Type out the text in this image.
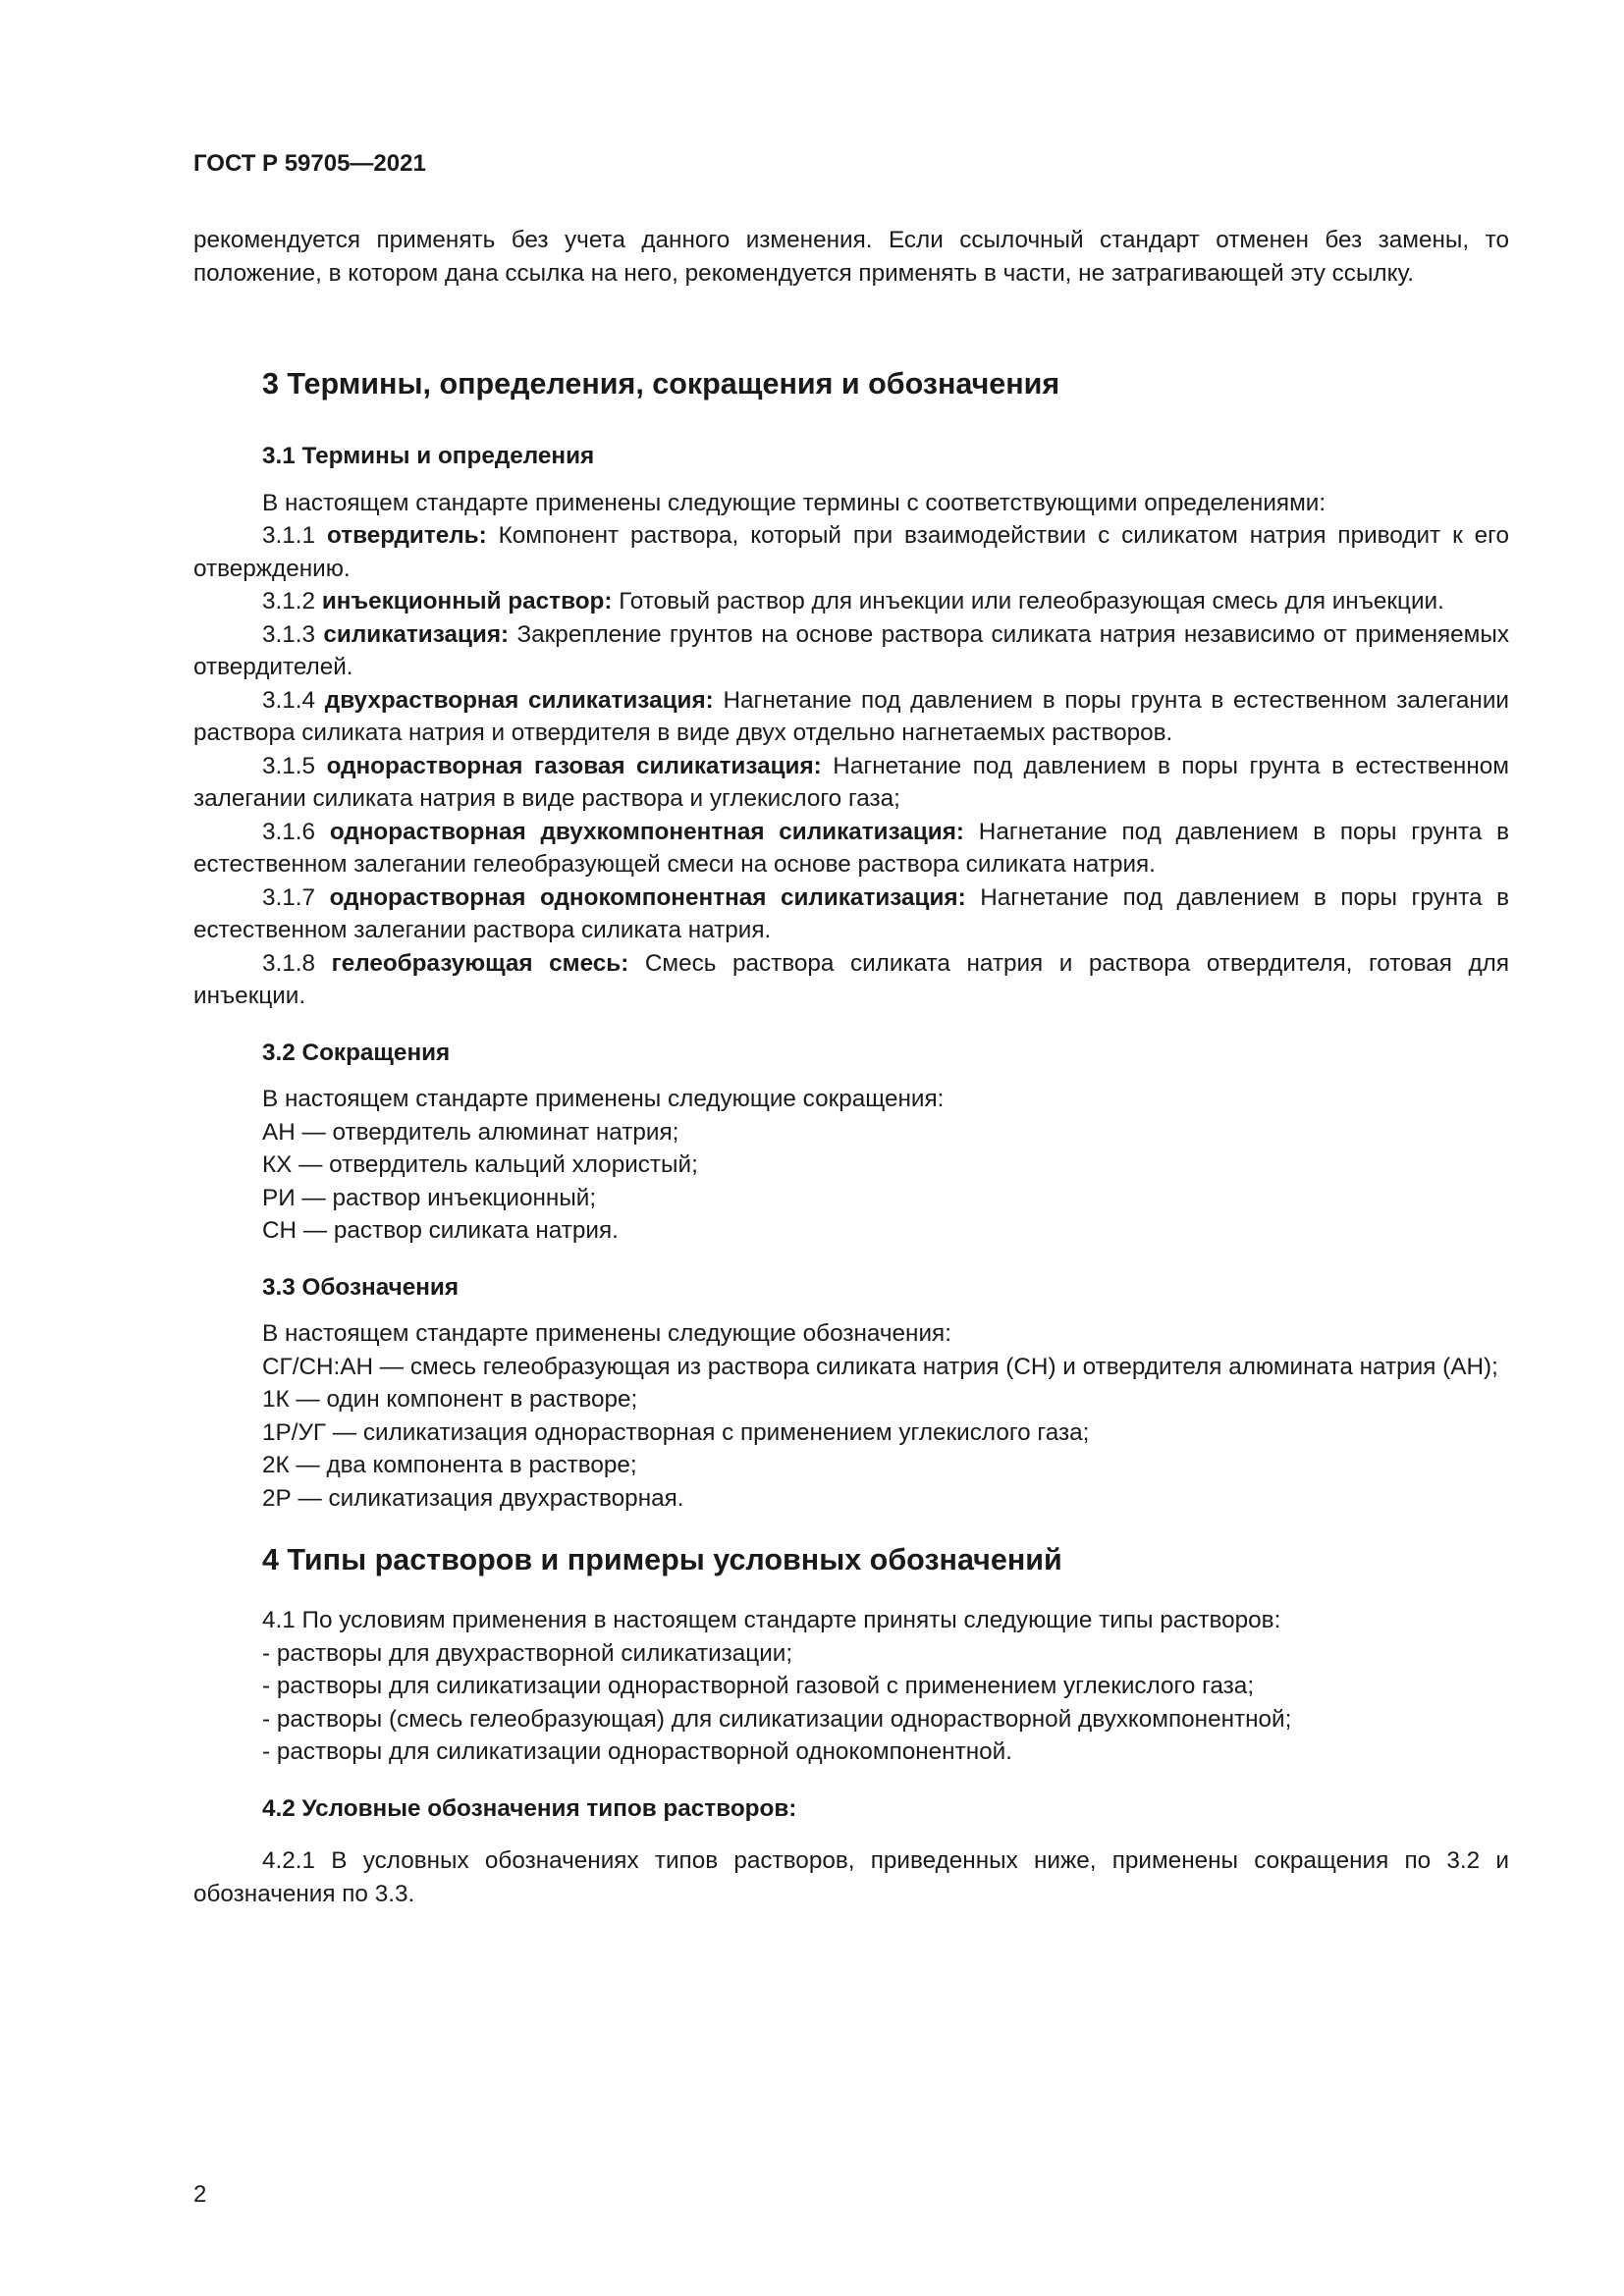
ГОСТ Р 59705—2021

рекомендуется применять без учета данного изменения. Если ссылочный стандарт отменен без замены, то положение, в котором дана ссылка на него, рекомендуется применять в части, не затрагивающей эту ссылку.

3 Термины, определения, сокращения и обозначения
3.1 Термины и определения

В настоящем стандарте применены следующие термины с соответствующими определениями:

3.1.1 отвердитель: Компонент раствора, который при взаимодействии с силикатом натрия приводит к его отверждению.

3.1.2 инъекционный раствор: Готовый раствор для инъекции или гелеобразующая смесь для инъекции.

3.1.3 силикатизация: Закрепление грунтов на основе раствора силиката натрия независимо от применяемых отвердителей.

3.1.4 двухрастворная силикатизация: Нагнетание под давлением в поры грунта в естественном залегании раствора силиката натрия и отвердителя в виде двух отдельно нагнетаемых растворов.

3.1.5 однорастворная газовая силикатизация: Нагнетание под давлением в поры грунта в естественном залегании силиката натрия в виде раствора и углекислого газа;

3.1.6 однорастворная двухкомпонентная силикатизация: Нагнетание под давлением в поры грунта в естественном залегании гелеобразующей смеси на основе раствора силиката натрия.

3.1.7 однорастворная однокомпонентная силикатизация: Нагнетание под давлением в поры грунта в естественном залегании раствора силиката натрия.

3.1.8 гелеобразующая смесь: Смесь раствора силиката натрия и раствора отвердителя, готовая для инъекции.

3.2 Сокращения

В настоящем стандарте применены следующие сокращения:

АН — отвердитель алюминат натрия;

КХ — отвердитель кальций хлористый;

РИ — раствор инъекционный;

СН — раствор силиката натрия.

3.3 Обозначения

В настоящем стандарте применены следующие обозначения:

СГ/СН:АН — смесь гелеобразующая из раствора силиката натрия (СН) и отвердителя алюмината натрия (АН);

1К — один компонент в растворе;

1Р/УГ — силикатизация однорастворная с применением углекислого газа;

2К — два компонента в растворе;

2Р — силикатизация двухрастворная.

4 Типы растворов и примеры условных обозначений

4.1 По условиям применения в настоящем стандарте приняты следующие типы растворов:

- растворы для двухрастворной силикатизации;

- растворы для силикатизации однорастворной газовой с применением углекислого газа;

- растворы (смесь гелеобразующая) для силикатизации однорастворной двухкомпонентной;

- растворы для силикатизации однорастворной однокомпонентной.

4.2 Условные обозначения типов растворов:

4.2.1 В условных обозначениях типов растворов, приведенных ниже, применены сокращения по 3.2 и обозначения по 3.3.

2
